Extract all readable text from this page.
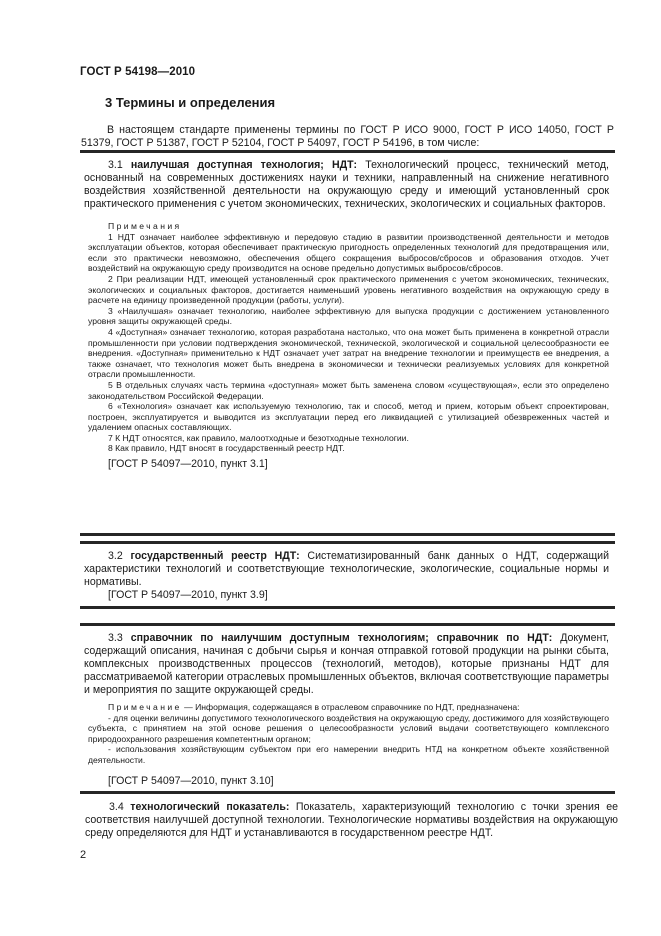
ГОСТ Р 54198—2010
3 Термины и определения

В настоящем стандарте применены термины по ГОСТ Р ИСО 9000, ГОСТ Р ИСО 14050, ГОСТ Р 51379, ГОСТ Р 51387, ГОСТ Р 52104, ГОСТ Р 54097, ГОСТ Р 54196, в том числе:

3.1 наилучшая доступная технология; НДТ: Технологический процесс, технический метод, основанный на современных достижениях науки и техники, направленный на снижение негативного воздействия хозяйственной деятельности на окружающую среду и имеющий установленный срок практического применения с учетом экономических, технических, экологических и социальных факторов.

Примечания

1 НДТ означает наиболее эффективную и передовую стадию в развитии производственной деятельности и методов эксплуатации объектов, которая обеспечивает практическую пригодность определенных технологий для предотвращения или, если это практически невозможно, обеспечения общего сокращения выбросов/сбросов и образования отходов. Учет воздействий на окружающую среду производится на основе предельно допустимых выбросов/сбросов.

2 При реализации НДТ, имеющей установленный срок практического применения с учетом экономических, технических, экологических и социальных факторов, достигается наименьший уровень негативного воздействия на окружающую среду в расчете на единицу произведенной продукции (работы, услуги).

3 «Наилучшая» означает технологию, наиболее эффективную для выпуска продукции с достижением установленного уровня защиты окружающей среды.

4 «Доступная» означает технологию, которая разработана настолько, что она может быть применена в конкретной отрасли промышленности при условии подтверждения экономической, технической, экологической и социальной целесообразности ее внедрения. «Доступная» применительно к НДТ означает учет затрат на внедрение технологии и преимуществ ее внедрения, а также означает, что технология может быть внедрена в экономически и технически реализуемых условиях для конкретной отрасли промышленности.

5 В отдельных случаях часть термина «доступная» может быть заменена словом «существующая», если это определено законодательством Российской Федерации.

6 «Технология» означает как используемую технологию, так и способ, метод и прием, которым объект спроектирован, построен, эксплуатируется и выводится из эксплуатации перед его ликвидацией с утилизацией обезвреженных частей и удалением опасных составляющих.

7 К НДТ относятся, как правило, малоотходные и безотходные технологии.

8 Как правило, НДТ вносят в государственный реестр НДТ.

[ГОСТ Р 54097—2010, пункт 3.1]

3.2 государственный реестр НДТ: Систематизированный банк данных о НДТ, содержащий характеристики технологий и соответствующие технологические, экологические, социальные нормы и нормативы.

[ГОСТ Р 54097—2010, пункт 3.9]

3.3 справочник по наилучшим доступным технологиям; справочник по НДТ: Документ, содержащий описания, начиная с добычи сырья и кончая отправкой готовой продукции на рынки сбыта, комплексных производственных процессов (технологий, методов), которые признаны НДТ для рассматриваемой категории отраслевых промышленных объектов, включая соответствующие параметры и мероприятия по защите окружающей среды.

Примечание — Информация, содержащаяся в отраслевом справочнике по НДТ, предназначена:

- для оценки величины допустимого технологического воздействия на окружающую среду, достижимого для хозяйствующего субъекта, с принятием на этой основе решения о целесообразности условий выдачи соответствующего комплексного природоохранного разрешения компетентным органом;

- использования хозяйствующим субъектом при его намерении внедрить НТД на конкретном объекте хозяйственной деятельности.

[ГОСТ Р 54097—2010, пункт 3.10]

3.4 технологический показатель: Показатель, характеризующий технологию с точки зрения ее соответствия наилучшей доступной технологии. Технологические нормативы воздействия на окружающую среду определяются для НДТ и устанавливаются в государственном реестре НДТ.

2
